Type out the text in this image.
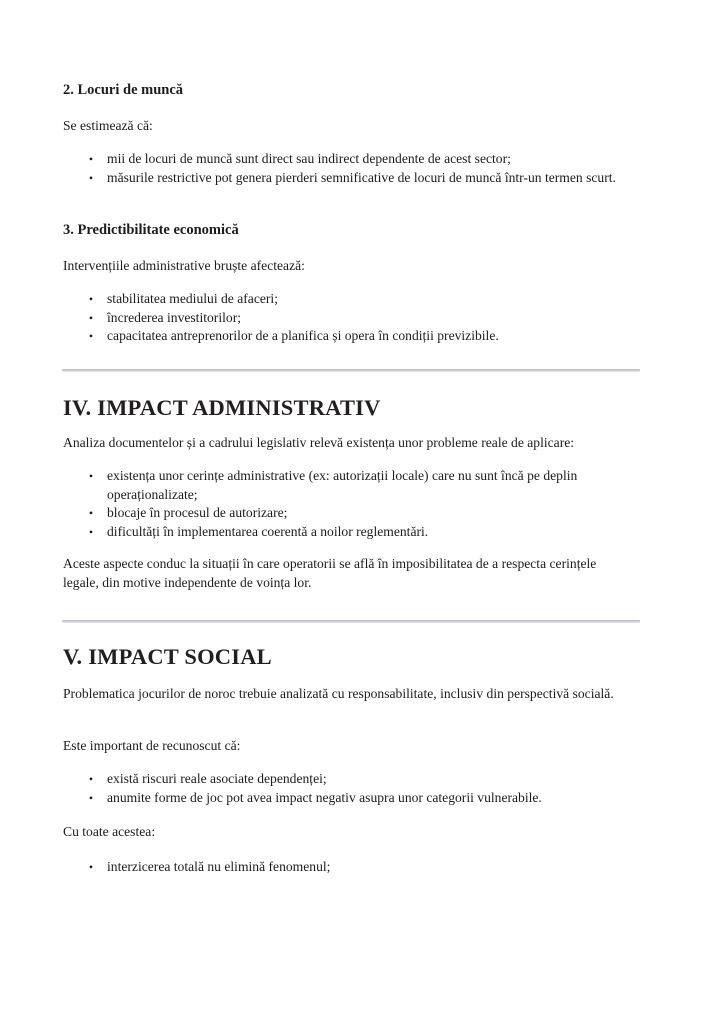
2. Locuri de muncă

Se estimează că:

• mii de locuri de muncă sunt direct sau indirect dependente de acest sector;
• măsurile restrictive pot genera pierderi semnificative de locuri de muncă într-un termen scurt.
3. Predictibilitate economică

Intervențiile administrative bruște afectează:

• stabilitatea mediului de afaceri;
• încrederea investitorilor;
• capacitatea antreprenorilor de a planifica și opera în condiții previzibile.
IV. IMPACT ADMINISTRATIV

Analiza documentelor și a cadrului legislativ relevă existența unor probleme reale de aplicare:

• existența unor cerințe administrative (ex: autorizații locale) care nu sunt încă pe deplin operaționalizate;
• blocaje în procesul de autorizare;
• dificultăți în implementarea coerentă a noilor reglementări.

Aceste aspecte conduc la situații în care operatorii se află în imposibilitatea de a respecta cerințele legale, din motive independente de voința lor.

V. IMPACT SOCIAL

Problematica jocurilor de noroc trebuie analizată cu responsabilitate, inclusiv din perspectivă socială.

Este important de recunoscut că:

• există riscuri reale asociate dependenței;
• anumite forme de joc pot avea impact negativ asupra unor categorii vulnerabile.

Cu toate acestea:

• interzicerea totală nu elimină fenomenul;
